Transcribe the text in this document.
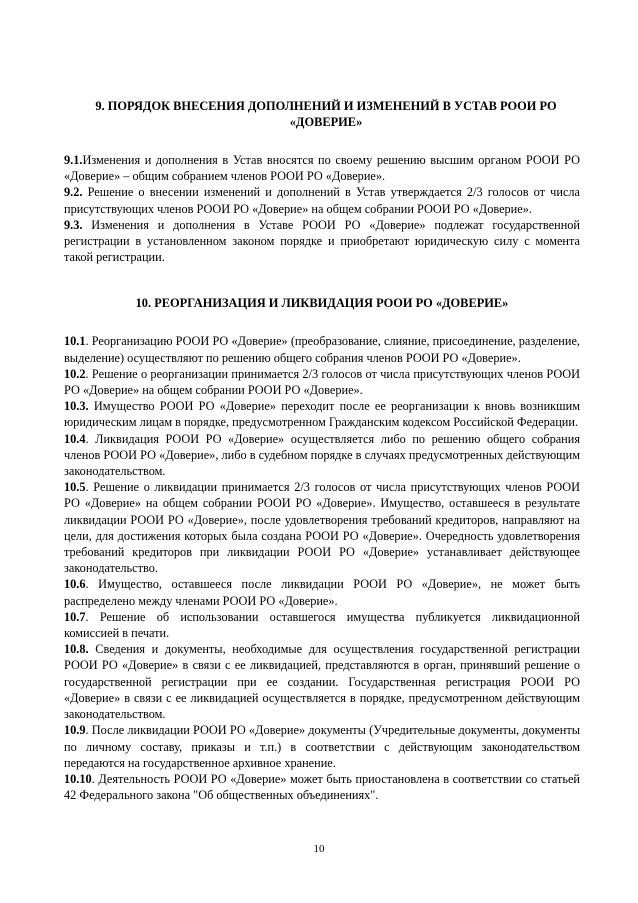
9. ПОРЯДОК ВНЕСЕНИЯ ДОПОЛНЕНИЙ И ИЗМЕНЕНИЙ В УСТАВ РООИ РО
«ДОВЕРИЕ»

9.1.Изменения и дополнения в Устав вносятся по своему решению высшим органом РООИ РО «Доверие» – общим собранием членов РООИ РО «Доверие».

9.2. Решение о внесении изменений и дополнений в Устав утверждается 2/3 голосов от числа присутствующих членов РООИ РО «Доверие» на общем собрании РООИ РО «Доверие».

9.3. Изменения и дополнения в Уставе РООИ РО «Доверие» подлежат государственной регистрации в установленном законом порядке и приобретают юридическую силу с момента такой регистрации.

10. РЕОРГАНИЗАЦИЯ И ЛИКВИДАЦИЯ РООИ РО «ДОВЕРИЕ»

10.1. Реорганизацию РООИ РО «Доверие» (преобразование, слияние, присоединение, разделение, выделение) осуществляют по решению общего собрания членов РООИ РО «Доверие».

10.2. Решение о реорганизации принимается 2/3 голосов от числа присутствующих членов РООИ РО «Доверие» на общем собрании РООИ РО «Доверие».

10.3. Имущество РООИ РО «Доверие» переходит после ее реорганизации к вновь возникшим юридическим лицам в порядке, предусмотренном Гражданским кодексом Российской Федерации.

10.4. Ликвидация РООИ РО «Доверие» осуществляется либо по решению общего собрания членов РООИ РО «Доверие», либо в судебном порядке в случаях предусмотренных действующим законодательством.

10.5. Решение о ликвидации принимается 2/3 голосов от числа присутствующих членов РООИ РО «Доверие» на общем собрании РООИ РО «Доверие». Имущество, оставшееся в результате ликвидации РООИ РО «Доверие», после удовлетворения требований кредиторов, направляют на цели, для достижения которых была создана РООИ РО «Доверие». Очередность удовлетворения требований кредиторов при ликвидации РООИ РО «Доверие» устанавливает действующее законодательство.

10.6. Имущество, оставшееся после ликвидации РООИ РО «Доверие», не может быть распределено между членами РООИ РО «Доверие».

10.7. Решение об использовании оставшегося имущества публикуется ликвидационной комиссией в печати.

10.8. Сведения и документы, необходимые для осуществления государственной регистрации РООИ РО «Доверие» в связи с ее ликвидацией, представляются в орган, принявший решение о государственной регистрации при ее создании. Государственная регистрация РООИ РО «Доверие» в связи с ее ликвидацией осуществляется в порядке, предусмотренном действующим законодательством.

10.9. После ликвидации РООИ РО «Доверие» документы (Учредительные документы, документы по личному составу, приказы и т.п.) в соответствии с действующим законодательством передаются на государственное архивное хранение.

10.10. Деятельность РООИ РО «Доверие» может быть приостановлена в соответствии со статьей 42 Федерального закона "Об общественных объединениях".

10
